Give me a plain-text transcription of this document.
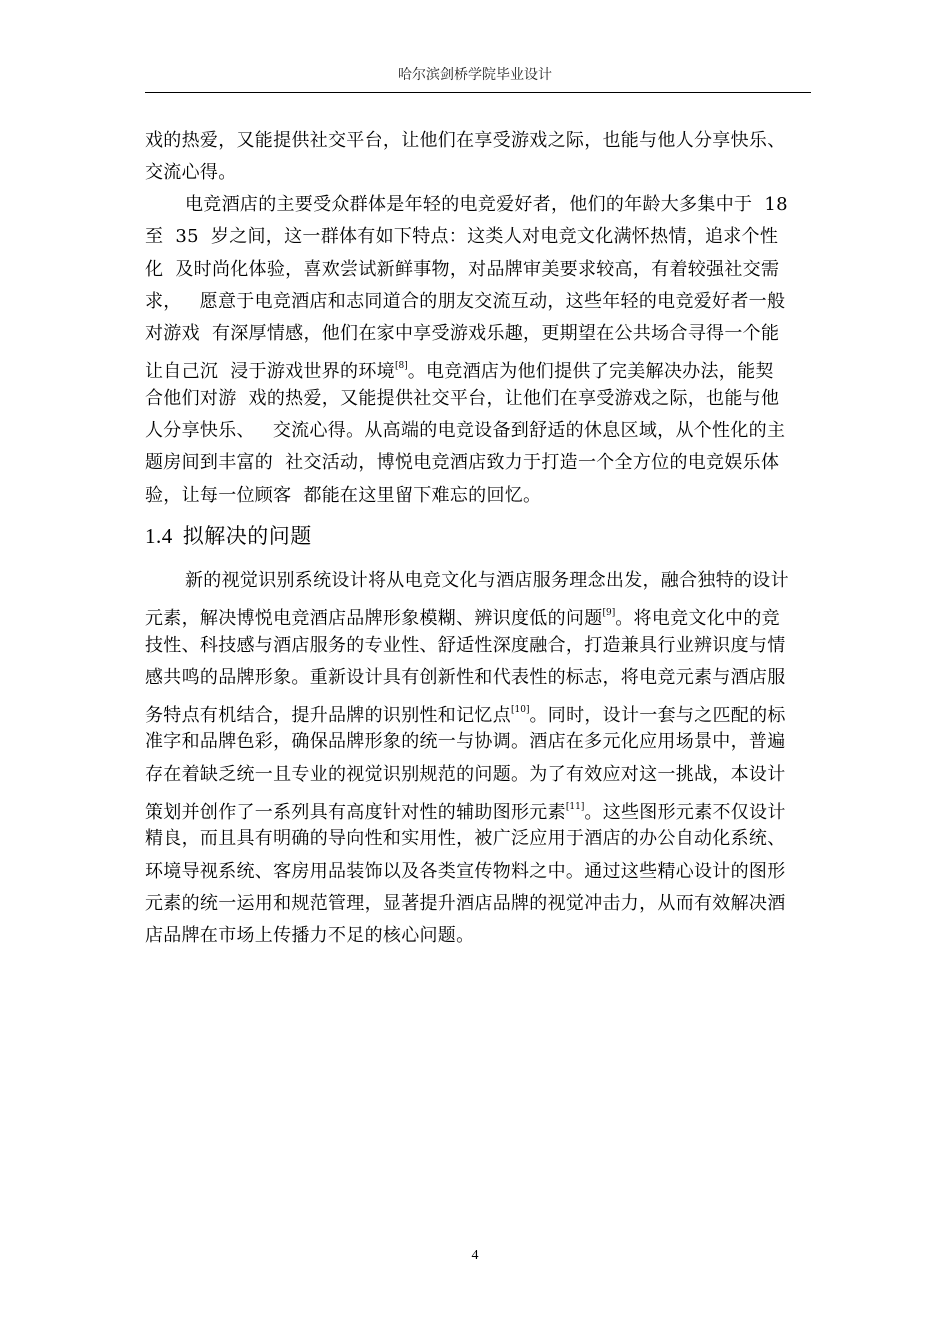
哈尔滨剑桥学院毕业设计
戏的热爱，又能提供社交平台，让他们在享受游戏之际，也能与他人分享快乐、
交流心得。
电竞酒店的主要受众群体是年轻的电竞爱好者，他们的年龄大多集中于  18
至  35  岁之间，这一群体有如下特点：这类人对电竞文化满怀热情，追求个性
化  及时尚化体验，喜欢尝试新鲜事物，对品牌审美要求较高，有着较强社交需
求，   愿意于电竞酒店和志同道合的朋友交流互动，这些年轻的电竞爱好者一般
对游戏  有深厚情感，他们在家中享受游戏乐趣，更期望在公共场合寻得一个能
让自己沉  浸于游戏世界的环境[8]。电竞酒店为他们提供了完美解决办法，能契
合他们对游  戏的热爱，又能提供社交平台，让他们在享受游戏之际，也能与他
人分享快乐、   交流心得。从高端的电竞设备到舒适的休息区域，从个性化的主
题房间到丰富的  社交活动，博悦电竞酒店致力于打造一个全方位的电竞娱乐体
验，让每一位顾客  都能在这里留下难忘的回忆。
1.4 拟解决的问题
新的视觉识别系统设计将从电竞文化与酒店服务理念出发，融合独特的设计
元素，解决博悦电竞酒店品牌形象模糊、辨识度低的问题[9]。将电竞文化中的竞
技性、科技感与酒店服务的专业性、舒适性深度融合，打造兼具行业辨识度与情
感共鸣的品牌形象。重新设计具有创新性和代表性的标志，将电竞元素与酒店服
务特点有机结合，提升品牌的识别性和记忆点[10]。同时，设计一套与之匹配的标
准字和品牌色彩，确保品牌形象的统一与协调。酒店在多元化应用场景中，普遍
存在着缺乏统一且专业的视觉识别规范的问题。为了有效应对这一挑战，本设计
策划并创作了一系列具有高度针对性的辅助图形元素[11]。这些图形元素不仅设计
精良，而且具有明确的导向性和实用性，被广泛应用于酒店的办公自动化系统、
环境导视系统、客房用品装饰以及各类宣传物料之中。通过这些精心设计的图形
元素的统一运用和规范管理，显著提升酒店品牌的视觉冲击力，从而有效解决酒
店品牌在市场上传播力不足的核心问题。
4
